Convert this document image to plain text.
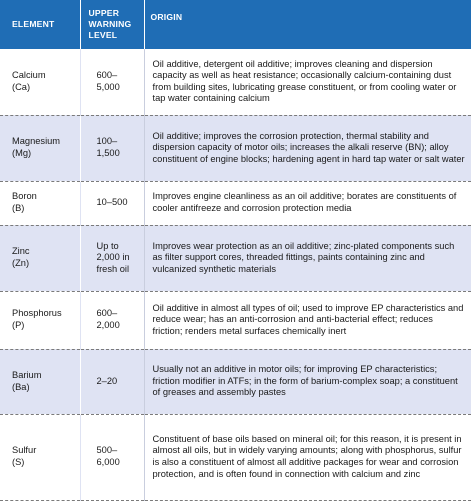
ELEMENT	UPPER
WARNING
LEVEL	ORIGIN

Calcium
(Ca)	600–5,000	Oil additive, detergent oil additive; improves cleaning and dispersion capacity as well as heat resistance; occasionally calcium-containing dust from building sites, lubricating grease constituent, or from cooling water or tap water containing calcium

Magnesium
(Mg)	100–1,500	Oil additive; improves the corrosion protection, thermal stability and dispersion capacity of motor oils; increases the alkali reserve (BN); alloy constituent of engine blocks; hardening agent in hard tap water or salt water

Boron
(B)	10–500	Improves engine cleanliness as an oil additive; borates are constituents of cooler antifreeze and corrosion protection media

Zinc
(Zn)	Up to 2,000 in fresh oil	Improves wear protection as an oil additive; zinc-plated components such as filter support cores, threaded fittings, paints containing zinc and vulcanized synthetic materials

Phosphorus
(P)	600–2,000	Oil additive in almost all types of oil; used to improve EP characteristics and reduce wear; has an anti-corrosion and anti-bacterial effect; reduces friction; renders metal surfaces chemically inert

Barium
(Ba)	2–20	Usually not an additive in motor oils; for improving EP characteristics; friction modifier in ATFs; in the form of barium-complex soap; a constituent of greases and assembly pastes

Sulfur
(S)	500–6,000	Constituent of base oils based on mineral oil; for this reason, it is present in almost all oils, but in widely varying amounts; along with phosphorus, sulfur is also a constituent of almost all additive packages for wear and corrosion protection, and is often found in connection with calcium and zinc
